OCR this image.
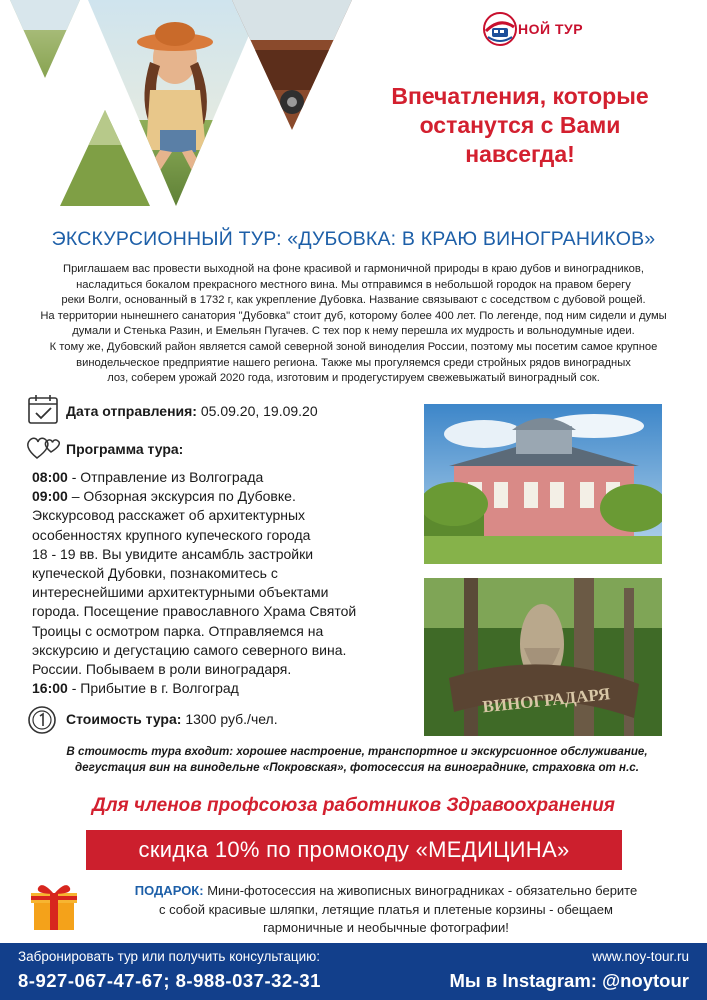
НОЙ ТУР
Впечатления, которые
останутся с Вами
навсегда!
ЭКСКУРСИОННЫЙ ТУР: «ДУБОВКА: В КРАЮ ВИНОГРАНИКОВ»
Приглашаем вас провести выходной на фоне красивой и гармоничной природы в краю дубов и виноградников,
насладиться бокалом прекрасного местного вина. Мы отправимся в небольшой городок на правом берегу
реки Волги, основанный в 1732 г, как укрепление Дубовка. Название связывают с соседством с дубовой рощей.
На территории нынешнего санатория "Дубовка" стоит дуб, которому более 400 лет. По легенде, под ним сидели и думы
думали и Стенька Разин, и Емельян Пугачев. С тех пор к нему перешла их мудрость и вольнодумные идеи.
К тому же, Дубовский район является самой северной зоной виноделия России, поэтому мы посетим самое крупное
винодельческое предприятие нашего региона. Также мы прогуляемся среди стройных рядов виноградных
лоз, соберем урожай 2020 года, изготовим и продегустируем свежевыжатый виноградный сок.
Дата отправления: 05.09.20, 19.09.20
Программа тура:
08:00 - Отправление из Волгограда
09:00 – Обзорная экскурсия по Дубовке.
Экскурсовод расскажет об архитектурных
особенностях крупного купеческого города
18 - 19 вв. Вы увидите ансамбль застройки
купеческой Дубовки, познакомитесь с
интереснейшими архитектурными объектами
города. Посещение православного Храма Святой
Троицы с осмотром парка. Отправляемся на
экскурсию и дегустацию самого северного вина.
России. Побываем в роли виноградаря.
16:00 - Прибытие в г. Волгоград
Стоимость тура: 1300 руб./чел.
ВИНОГРАДАРЯ
В стоимость тура входит: хорошее настроение, транспортное и экскурсионное обслуживание,
дегустация вин на винодельне «Покровская», фотосессия на винограднике, страховка от н.с.
Для членов профсоюза работников Здравоохранения
скидка 10% по промокоду «МЕДИЦИНА»
ПОДАРОК: Мини-фотосессия на живописных виноградниках - обязательно берите
с собой красивые шляпки, летящие платья и плетеные корзины - обещаем
гармоничные и необычные фотографии!
Забронировать тур или получить консультацию:
8-927-067-47-67; 8-988-037-32-31
www.noy-tour.ru
Мы в Instagram: @noytour
